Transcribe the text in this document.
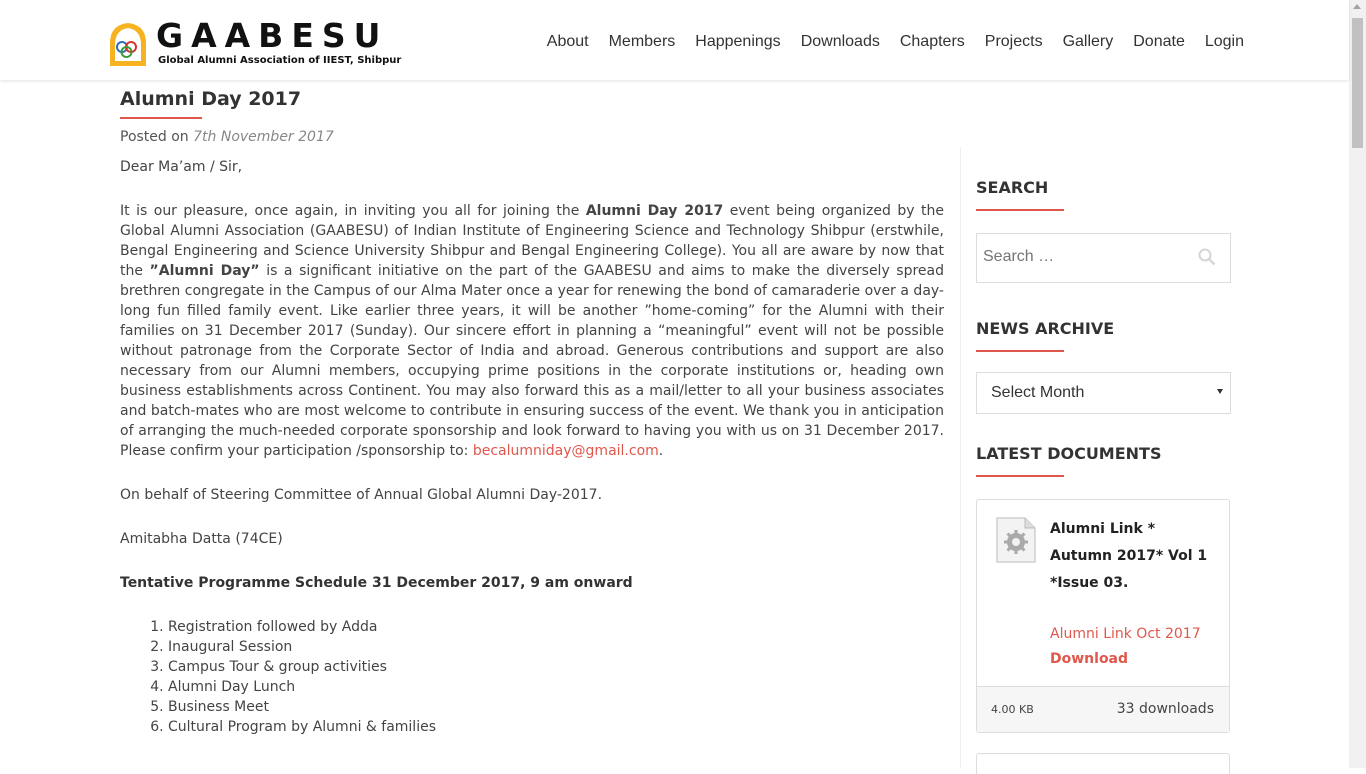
GAABESU
Global Alumni Association of IIEST, Shibpur
About Members Happenings Downloads Chapters Projects Gallery Donate Login
Alumni Day 2017
Posted on 7th November 2017

Dear Ma’am / Sir,

It is our pleasure, once again, in inviting you all for joining the Alumni Day 2017 event being organized by the Global Alumni Association (GAABESU) of Indian Institute of Engineering Science and Technology Shibpur (erstwhile, Bengal Engineering and Science University Shibpur and Bengal Engineering College). You all are aware by now that the ”Alumni Day” is a significant initiative on the part of the GAABESU and aims to make the diversely spread brethren congregate in the Campus of our Alma Mater once a year for renewing the bond of camaraderie over a day-long fun filled family event. Like earlier three years, it will be another ”home-coming” for the Alumni with their families on 31 December 2017 (Sunday). Our sincere effort in planning a “meaningful” event will not be possible without patronage from the Corporate Sector of India and abroad. Generous contributions and support are also necessary from our Alumni members, occupying prime positions in the corporate institutions or, heading own business establishments across Continent. You may also forward this as a mail/letter to all your business associates and batch-mates who are most welcome to contribute in ensuring success of the event. We thank you in anticipation of arranging the much-needed corporate sponsorship and look forward to having you with us on 31 December 2017. Please confirm your participation /sponsorship to: becalumniday@gmail.com.

On behalf of Steering Committee of Annual Global Alumni Day-2017.

Amitabha Datta (74CE)

Tentative Programme Schedule 31 December 2017, 9 am onward
1. Registration followed by Adda
2. Inaugural Session
3. Campus Tour & group activities
4. Alumni Day Lunch
5. Business Meet
6. Cultural Program by Alumni & families
SEARCH
Search …
NEWS ARCHIVE
Select Month
LATEST DOCUMENTS
Alumni Link * Autumn 2017* Vol 1 *Issue 03.
Alumni Link Oct 2017
Download
4.00 KB	33 downloads
